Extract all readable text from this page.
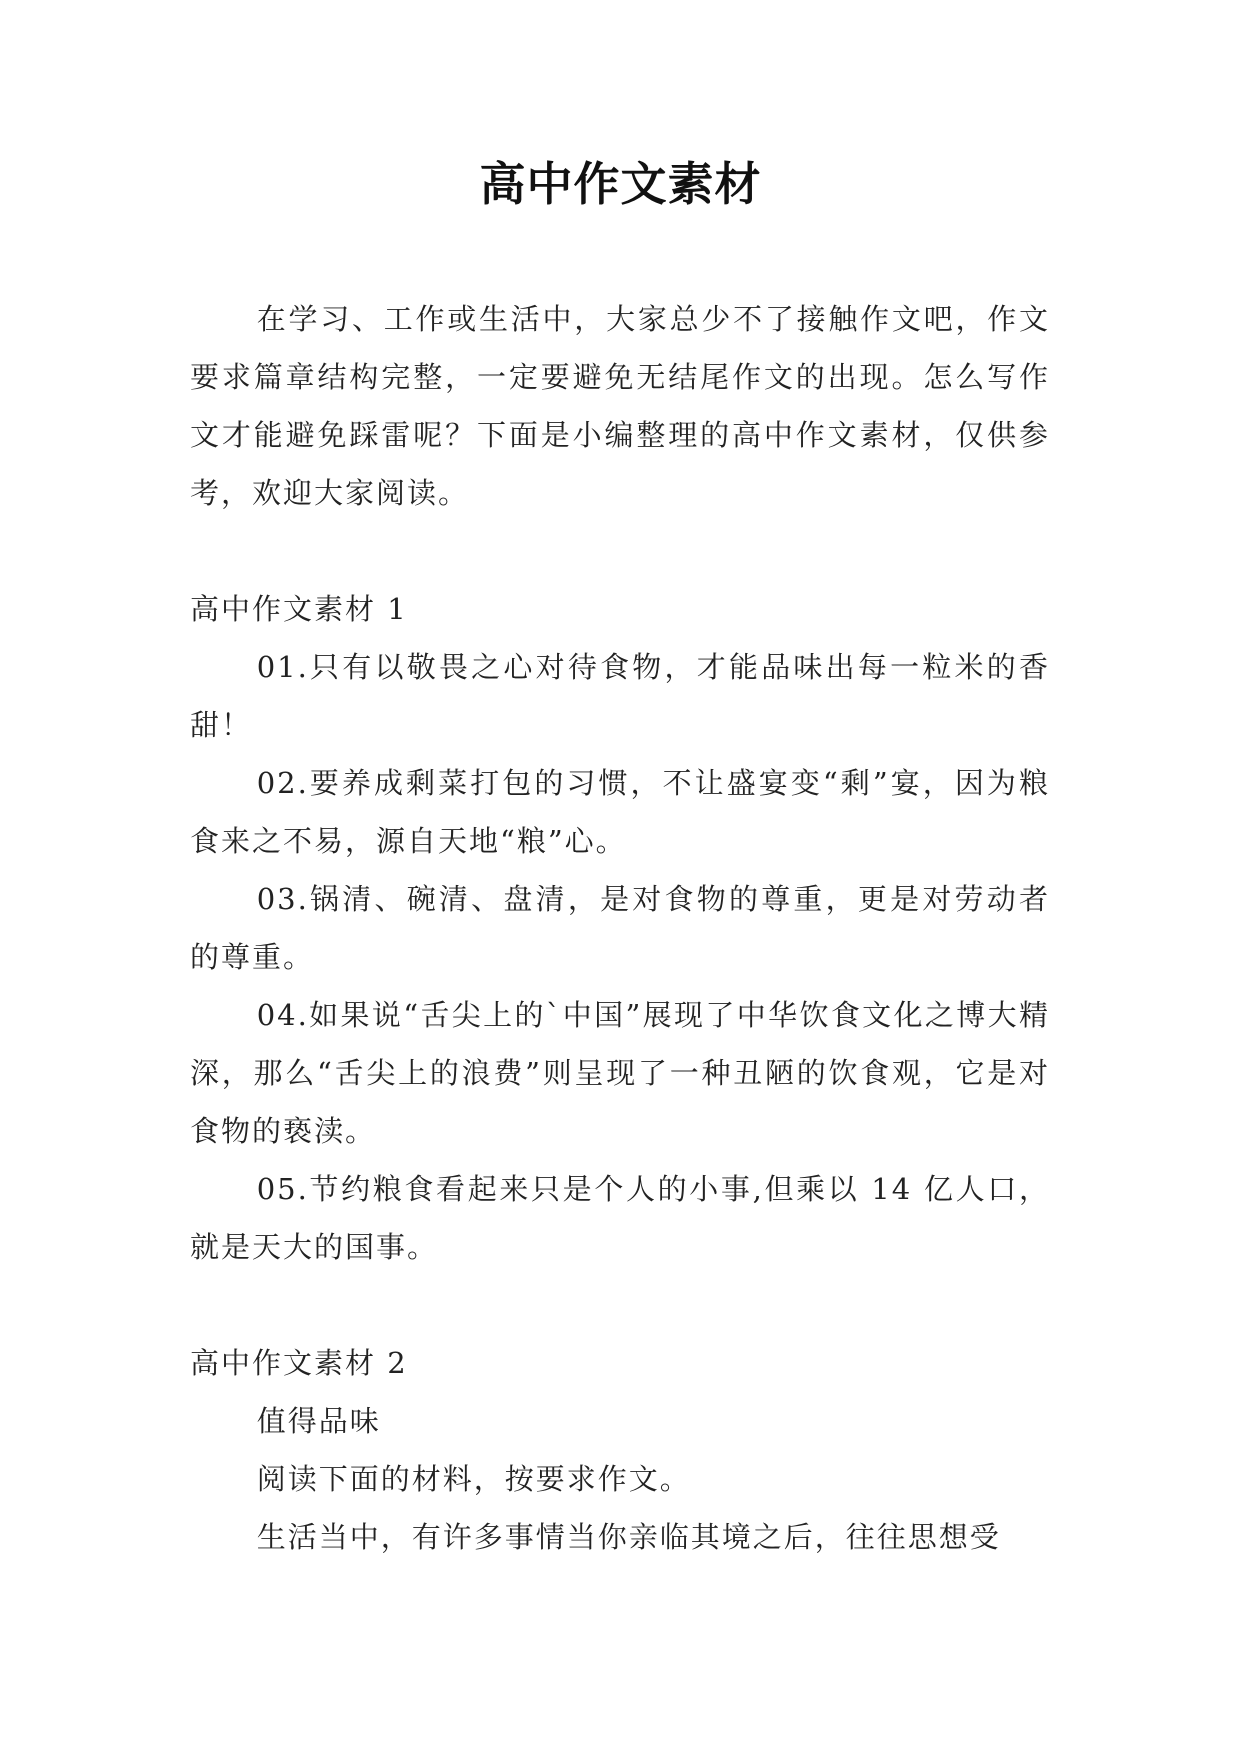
高中作文素材

在学习、工作或生活中，大家总少不了接触作文吧，作文要求篇章结构完整，一定要避免无结尾作文的出现。怎么写作文才能避免踩雷呢？下面是小编整理的高中作文素材，仅供参考，欢迎大家阅读。

高中作文素材 1

01.只有以敬畏之心对待食物，才能品味出每一粒米的香甜！

02.要养成剩菜打包的习惯，不让盛宴变“剩”宴，因为粮食来之不易，源自天地“粮”心。

03.锅清、碗清、盘清，是对食物的尊重，更是对劳动者的尊重。

04.如果说“舌尖上的`中国”展现了中华饮食文化之博大精深，那么“舌尖上的浪费”则呈现了一种丑陋的饮食观，它是对食物的亵渎。

05.节约粮食看起来只是个人的小事,但乘以 14 亿人口，就是天大的国事。

高中作文素材 2

值得品味

阅读下面的材料，按要求作文。

生活当中，有许多事情当你亲临其境之后，往往思想受
